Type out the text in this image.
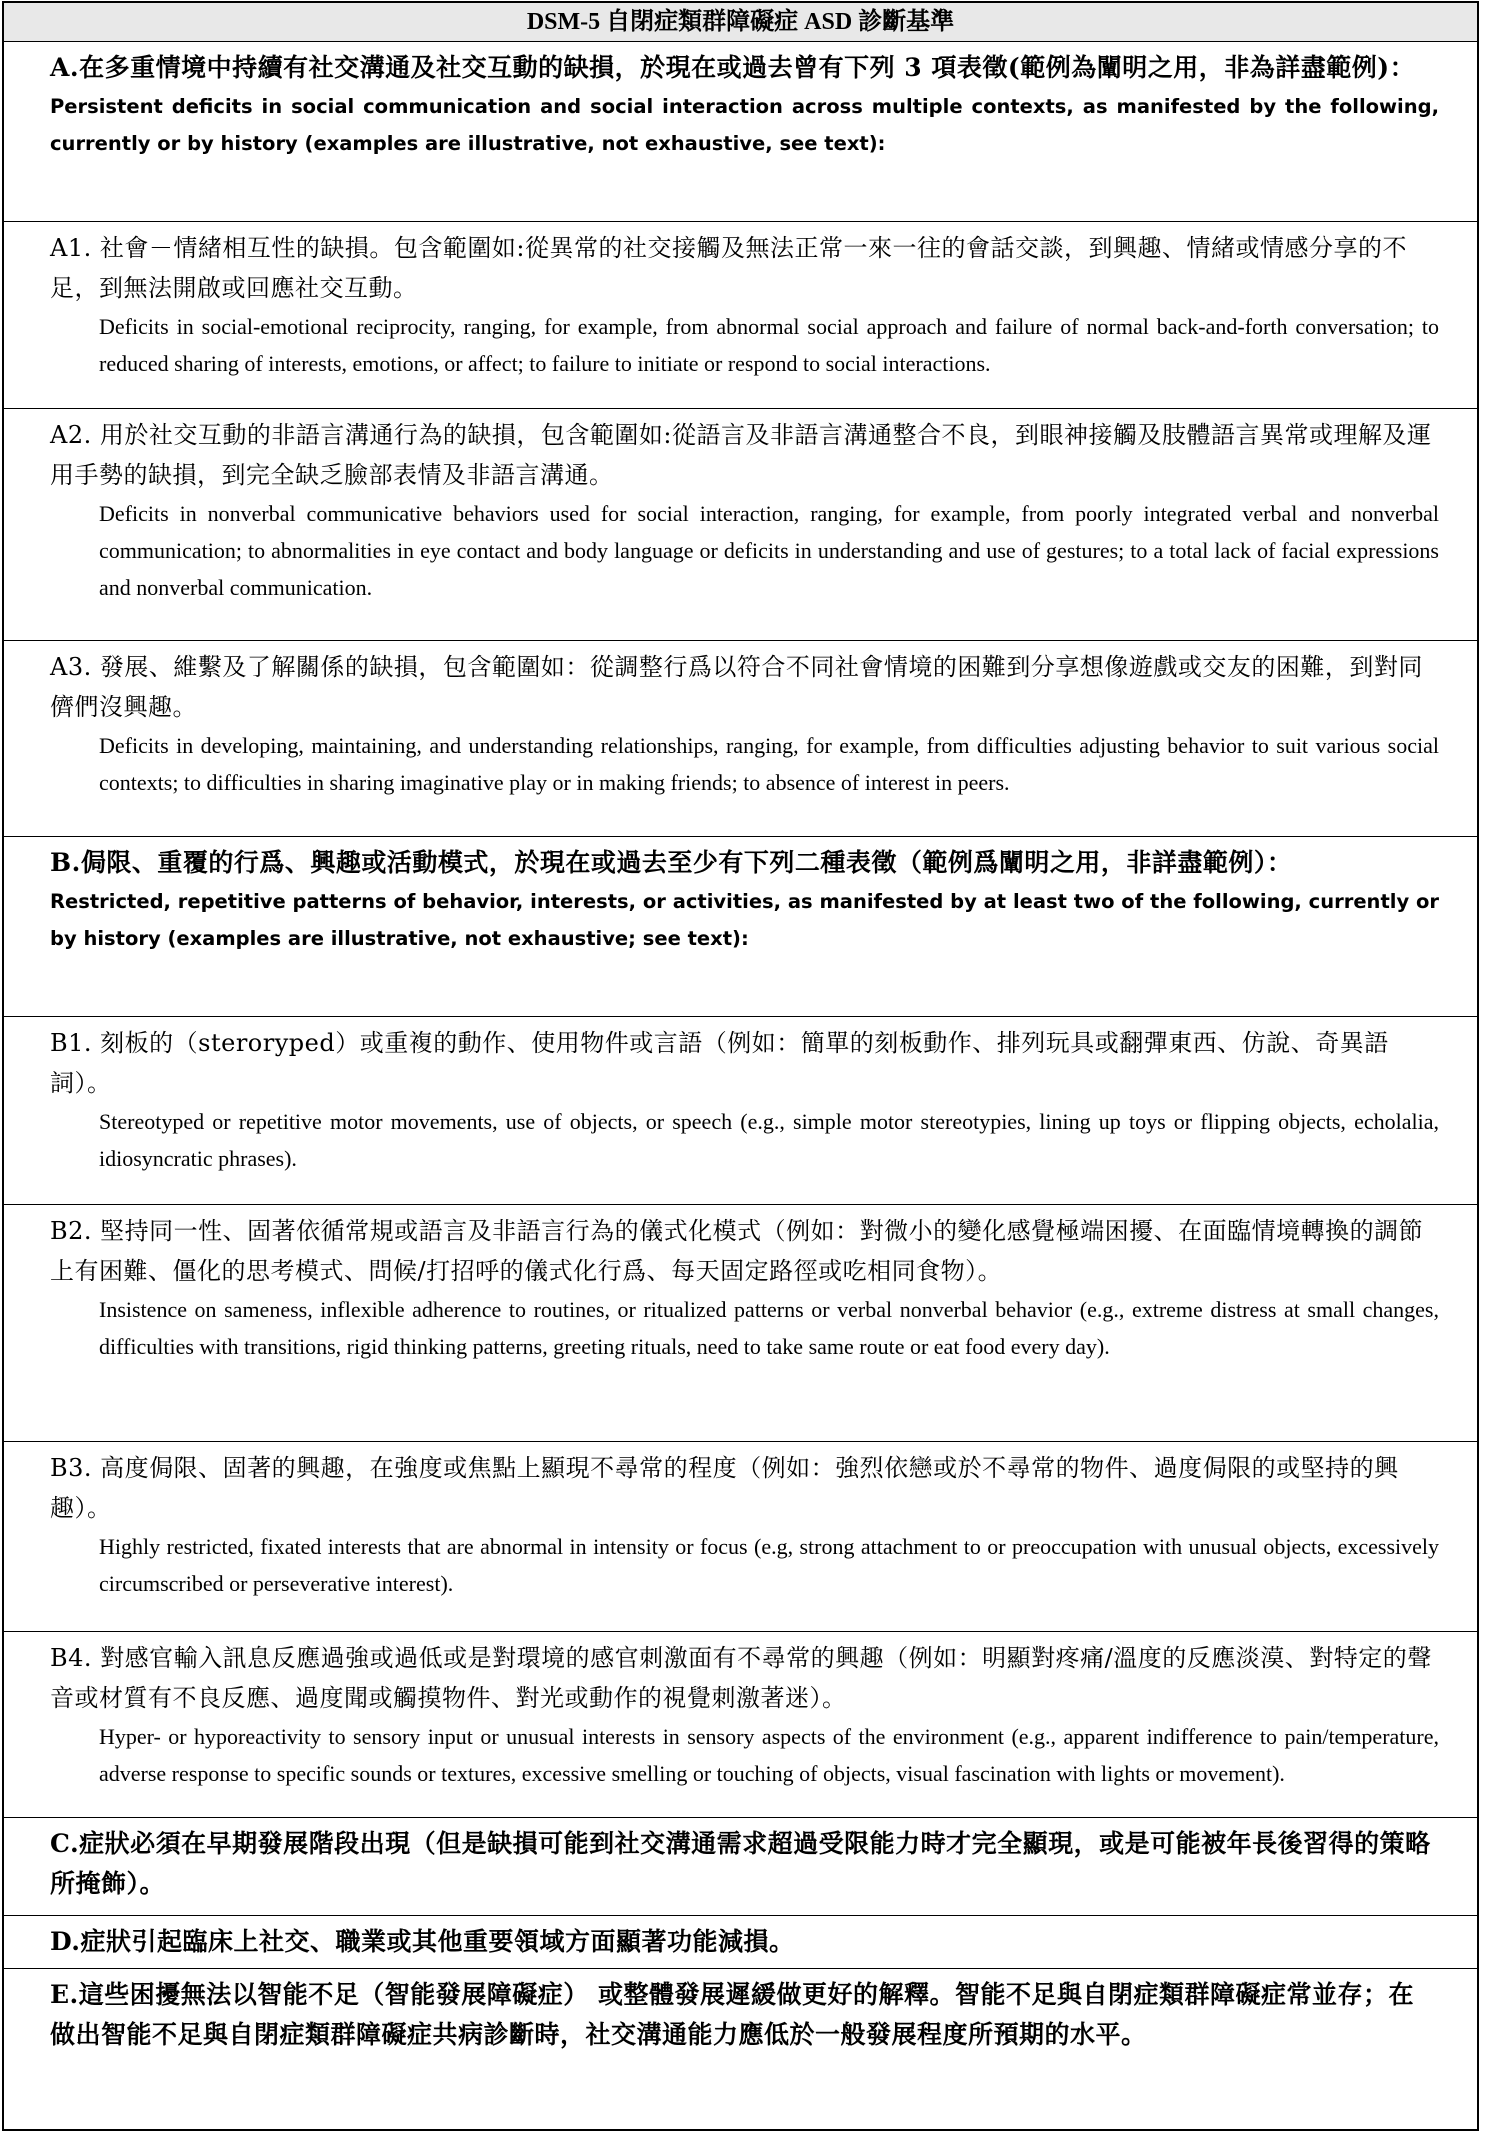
DSM-5 自閉症類群障礙症 ASD 診斷基準
A.在多重情境中持續有社交溝通及社交互動的缺損，於現在或過去曾有下列 3 項表徵(範例為闡明之用，非為詳盡範例)：
Persistent deficits in social communication and social interaction across multiple contexts, as manifested by the following, currently or by history (examples are illustrative, not exhaustive, see text):
A1. 社會－情緒相互性的缺損。包含範圍如:從異常的社交接觸及無法正常一來一往的會話交談，到興趣、情緒或情感分享的不足，到無法開啟或回應社交互動。
Deficits in social-emotional reciprocity, ranging, for example, from abnormal social approach and failure of normal back-and-forth conversation; to reduced sharing of interests, emotions, or affect; to failure to initiate or respond to social interactions.
A2. 用於社交互動的非語言溝通行為的缺損，包含範圍如:從語言及非語言溝通整合不良，到眼神接觸及肢體語言異常或理解及運用手勢的缺損，到完全缺乏臉部表情及非語言溝通。
Deficits in nonverbal communicative behaviors used for social interaction, ranging, for example, from poorly integrated verbal and nonverbal communication; to abnormalities in eye contact and body language or deficits in understanding and use of gestures; to a total lack of facial expressions and nonverbal communication.
A3. 發展、維繫及了解關係的缺損，包含範圍如：從調整行爲以符合不同社會情境的困難到分享想像遊戲或交友的困難，到對同儕們沒興趣。
Deficits in developing, maintaining, and understanding relationships, ranging, for example, from difficulties adjusting behavior to suit various social contexts; to difficulties in sharing imaginative play or in making friends; to absence of interest in peers.
B.侷限、重覆的行爲、興趣或活動模式，於現在或過去至少有下列二種表徵（範例爲闡明之用，非詳盡範例）：
Restricted, repetitive patterns of behavior, interests, or activities, as manifested by at least two of the following, currently or by history (examples are illustrative, not exhaustive; see text):
B1. 刻板的（steroryped）或重複的動作、使用物件或言語（例如：簡單的刻板動作、排列玩具或翻彈東西、仿說、奇異語詞）。
Stereotyped or repetitive motor movements, use of objects, or speech (e.g., simple motor stereotypies, lining up toys or flipping objects, echolalia, idiosyncratic phrases).
B2. 堅持同一性、固著依循常規或語言及非語言行為的儀式化模式（例如：對微小的變化感覺極端困擾、在面臨情境轉換的調節上有困難、僵化的思考模式、問候/打招呼的儀式化行爲、每天固定路徑或吃相同食物）。
Insistence on sameness, inflexible adherence to routines, or ritualized patterns or verbal nonverbal behavior (e.g., extreme distress at small changes, difficulties with transitions, rigid thinking patterns, greeting rituals, need to take same route or eat food every day).
B3. 高度侷限、固著的興趣，在強度或焦點上顯現不尋常的程度（例如：強烈依戀或於不尋常的物件、過度侷限的或堅持的興趣）。
Highly restricted, fixated interests that are abnormal in intensity or focus (e.g, strong attachment to or preoccupation with unusual objects, excessively circumscribed or perseverative interest).
B4. 對感官輸入訊息反應過強或過低或是對環境的感官刺激面有不尋常的興趣（例如：明顯對疼痛/溫度的反應淡漠、對特定的聲音或材質有不良反應、過度聞或觸摸物件、對光或動作的視覺刺激著迷）。
Hyper- or hyporeactivity to sensory input or unusual interests in sensory aspects of the environment (e.g., apparent indifference to pain/temperature, adverse response to specific sounds or textures, excessive smelling or touching of objects, visual fascination with lights or movement).
C.症狀必須在早期發展階段出現（但是缺損可能到社交溝通需求超過受限能力時才完全顯現，或是可能被年長後習得的策略所掩飾）。
D.症狀引起臨床上社交、職業或其他重要領域方面顯著功能減損。
E.這些困擾無法以智能不足（智能發展障礙症） 或整體發展遲緩做更好的解釋。智能不足與自閉症類群障礙症常並存；在做出智能不足與自閉症類群障礙症共病診斷時，社交溝通能力應低於一般發展程度所預期的水平。
